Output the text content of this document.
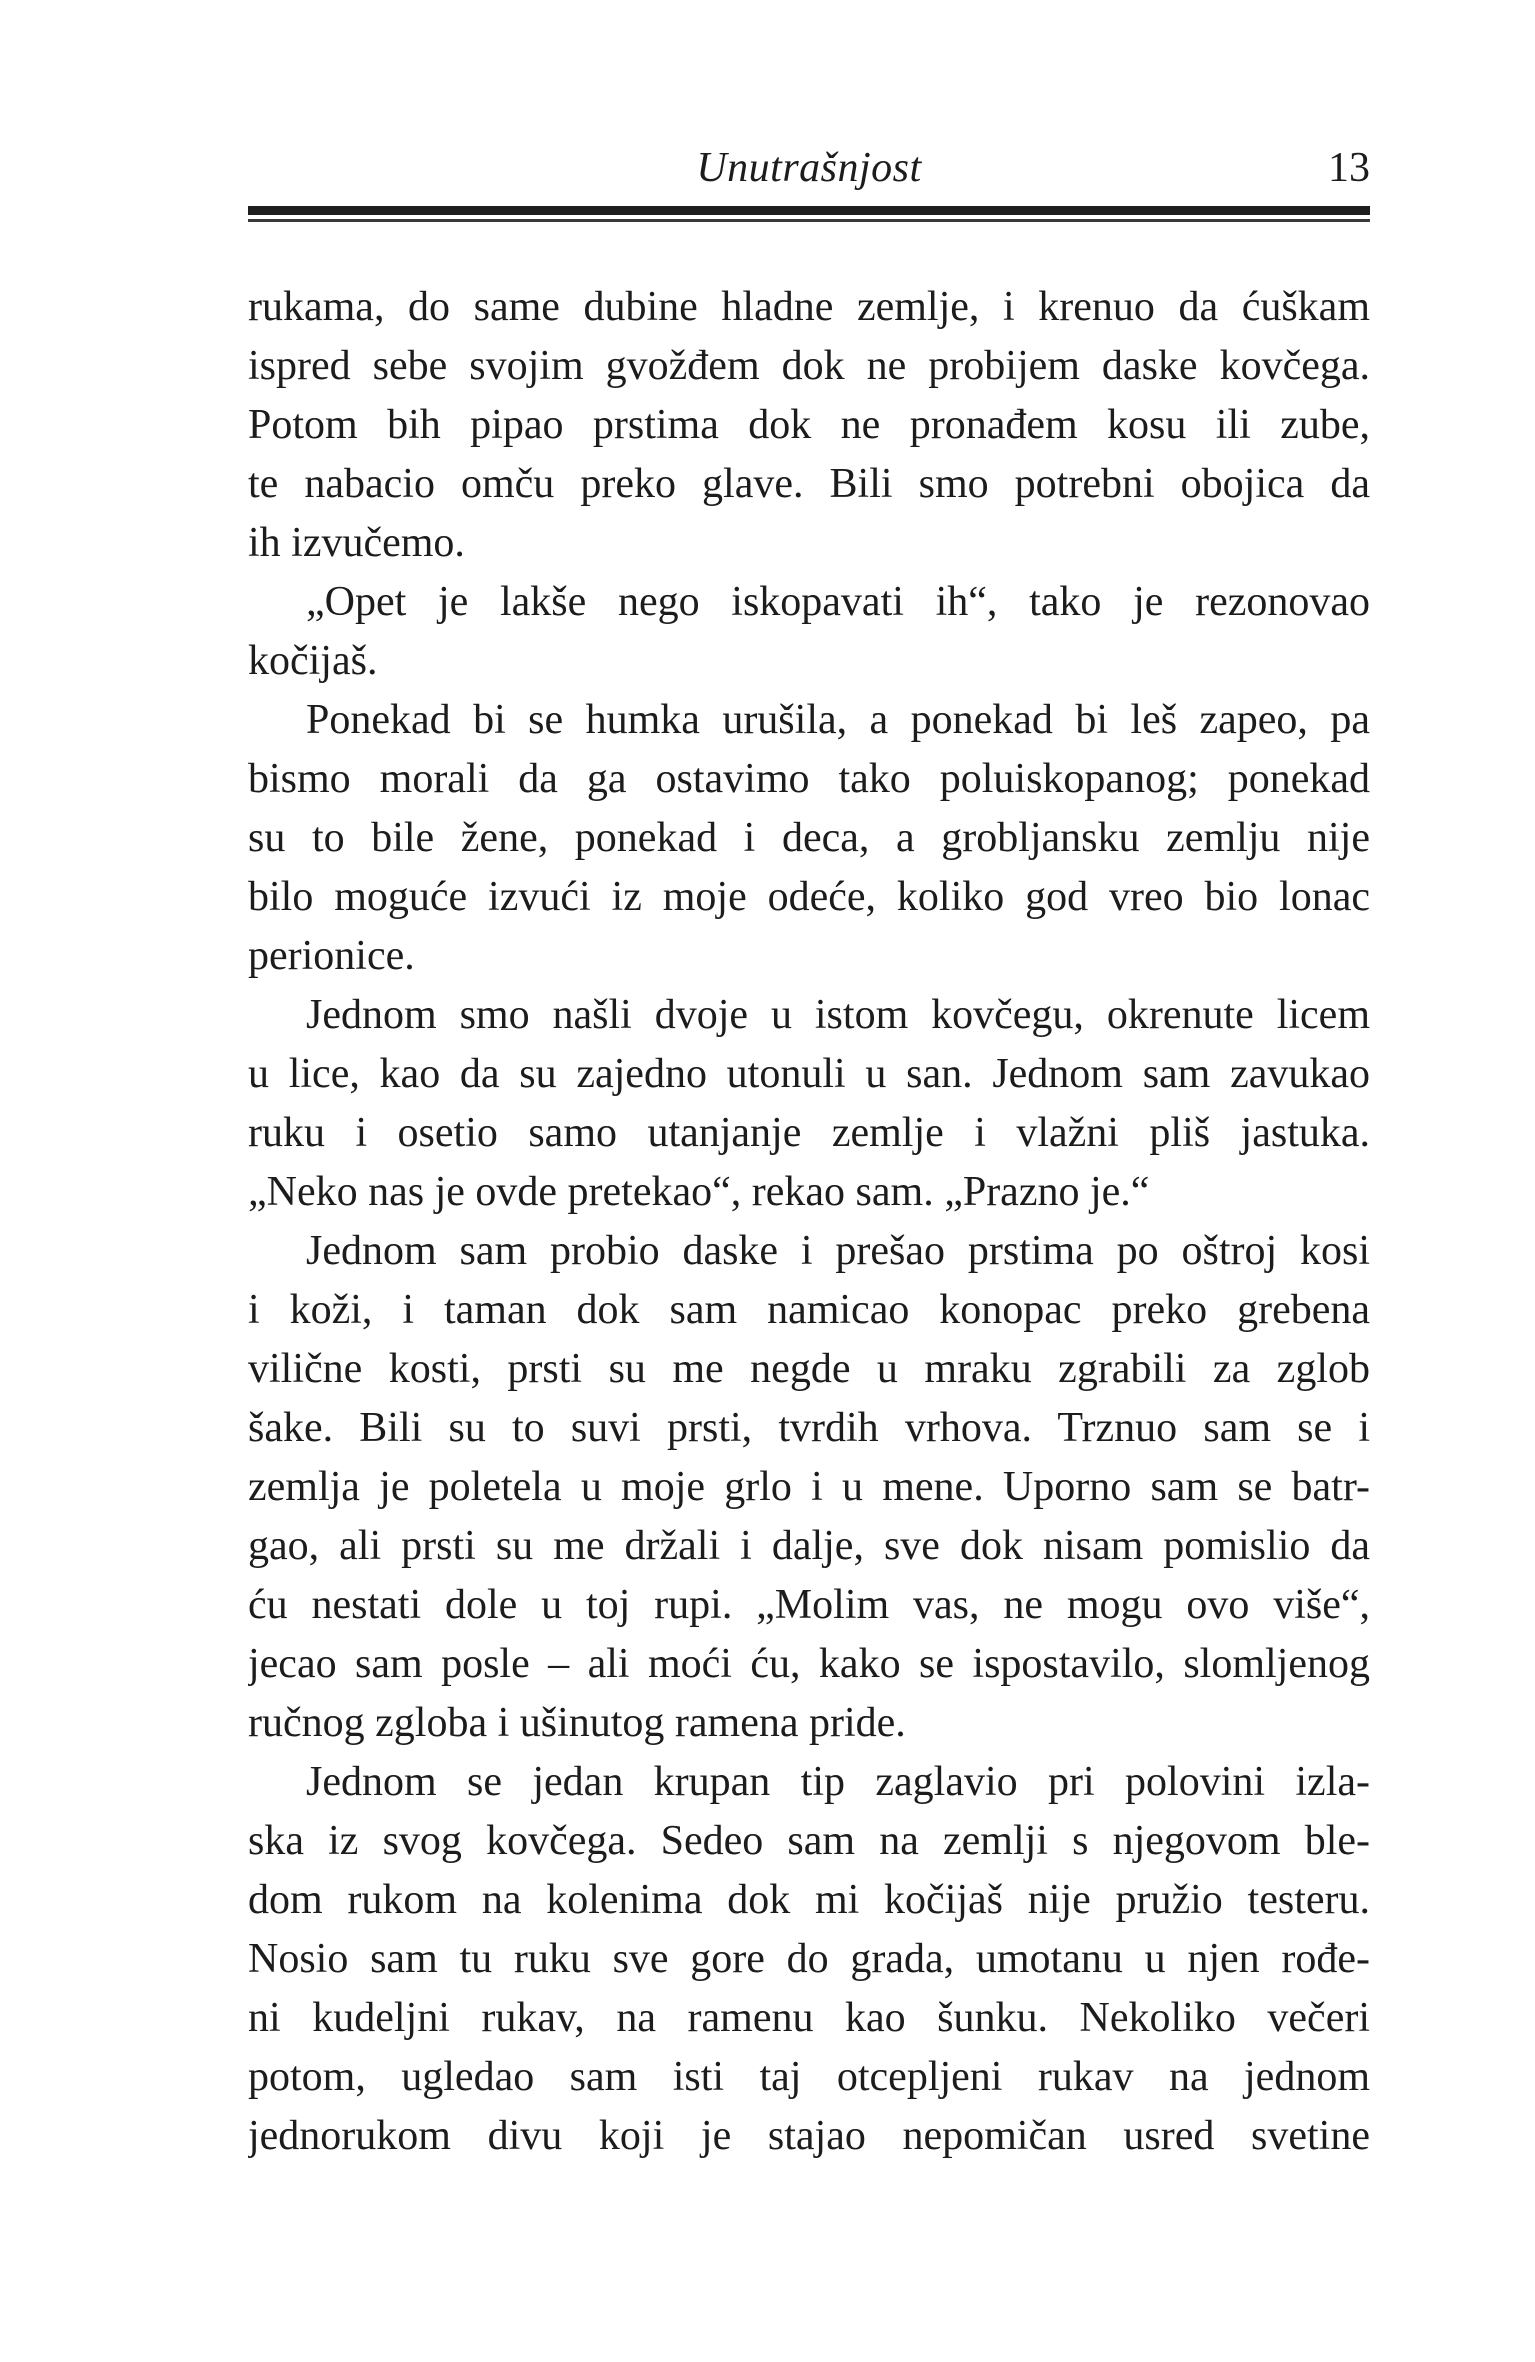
Unutrašnjost	13
rukama, do same dubine hladne zemlje, i krenuo da ćuškam
ispred sebe svojim gvožđem dok ne probijem daske kovčega.
Potom bih pipao prstima dok ne pronađem kosu ili zube,
te nabacio omču preko glave. Bili smo potrebni obojica da
ih izvučemo.
„Opet je lakše nego iskopavati ih“, tako je rezonovao
kočijaš.
Ponekad bi se humka urušila, a ponekad bi leš zapeo, pa
bismo morali da ga ostavimo tako poluiskopanog; ponekad
su to bile žene, ponekad i deca, a grobljansku zemlju nije
bilo moguće izvući iz moje odeće, koliko god vreo bio lonac
perionice.
Jednom smo našli dvoje u istom kovčegu, okrenute licem
u lice, kao da su zajedno utonuli u san. Jednom sam zavukao
ruku i osetio samo utanjanje zemlje i vlažni pliš jastuka.
„Neko nas je ovde pretekao“, rekao sam. „Prazno je.“
Jednom sam probio daske i prešao prstima po oštroj kosi
i koži, i taman dok sam namicao konopac preko grebena
vilične kosti, prsti su me negde u mraku zgrabili za zglob
šake. Bili su to suvi prsti, tvrdih vrhova. Trznuo sam se i
zemlja je poletela u moje grlo i u mene. Uporno sam se batr-
gao, ali prsti su me držali i dalje, sve dok nisam pomislio da
ću nestati dole u toj rupi. „Molim vas, ne mogu ovo više“,
jecao sam posle – ali moći ću, kako se ispostavilo, slomljenog
ručnog zgloba i ušinutog ramena pride.
Jednom se jedan krupan tip zaglavio pri polovini izla-
ska iz svog kovčega. Sedeo sam na zemlji s njegovom ble-
dom rukom na kolenima dok mi kočijaš nije pružio testeru.
Nosio sam tu ruku sve gore do grada, umotanu u njen rođe-
ni kudeljni rukav, na ramenu kao šunku. Nekoliko večeri
potom, ugledao sam isti taj otcepljeni rukav na jednom
jednorukom divu koji je stajao nepomičan usred svetine
